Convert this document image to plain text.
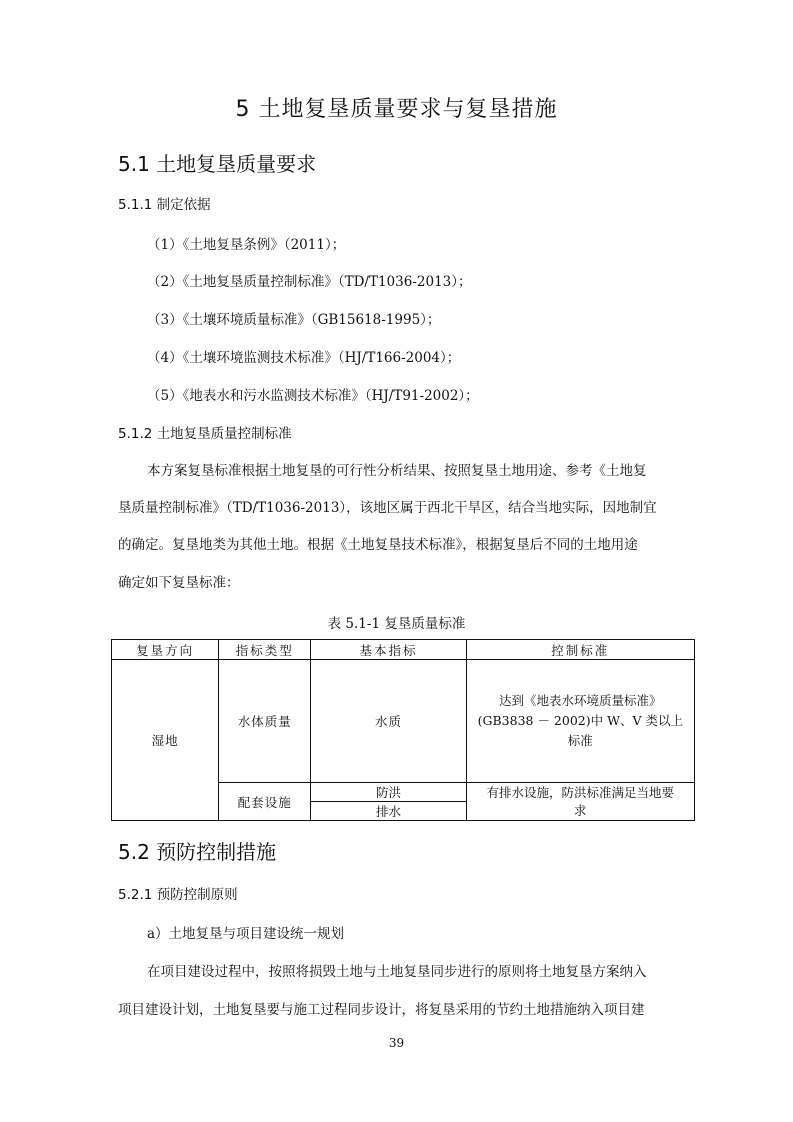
5 土地复垦质量要求与复垦措施
5.1 土地复垦质量要求
5.1.1 制定依据
（1）《土地复垦条例》（2011）；
（2）《土地复垦质量控制标准》（TD/T1036-2013）；
（3）《土壤环境质量标准》（GB15618-1995）；
（4）《土壤环境监测技术标准》（HJ/T166-2004）；
（5）《地表水和污水监测技术标准》（HJ/T91-2002）；
5.1.2 土地复垦质量控制标准
本方案复垦标准根据土地复垦的可行性分析结果、按照复垦土地用途、参考《土地复
垦质量控制标准》（TD/T1036-2013），该地区属于西北干旱区，结合当地实际，因地制宜
的确定。复垦地类为其他土地。根据《土地复垦技术标准》，根据复垦后不同的土地用途
确定如下复垦标准：
表 5.1-1 复垦质量标准
复垦方向	指标类型	基本指标	控制标准
湿地	水体质量	水质	达到《地表水环境质量标准》
(GB3838 － 2002)中 W、V 类以上
标准

	配套设施	防洪	有排水设施，防洪标准满足当地要
求

		排水	
5.2 预防控制措施
5.2.1 预防控制原则
a）土地复垦与项目建设统一规划
在项目建设过程中，按照将损毁土地与土地复垦同步进行的原则将土地复垦方案纳入
项目建设计划，土地复垦要与施工过程同步设计，将复垦采用的节约土地措施纳入项目建
39
